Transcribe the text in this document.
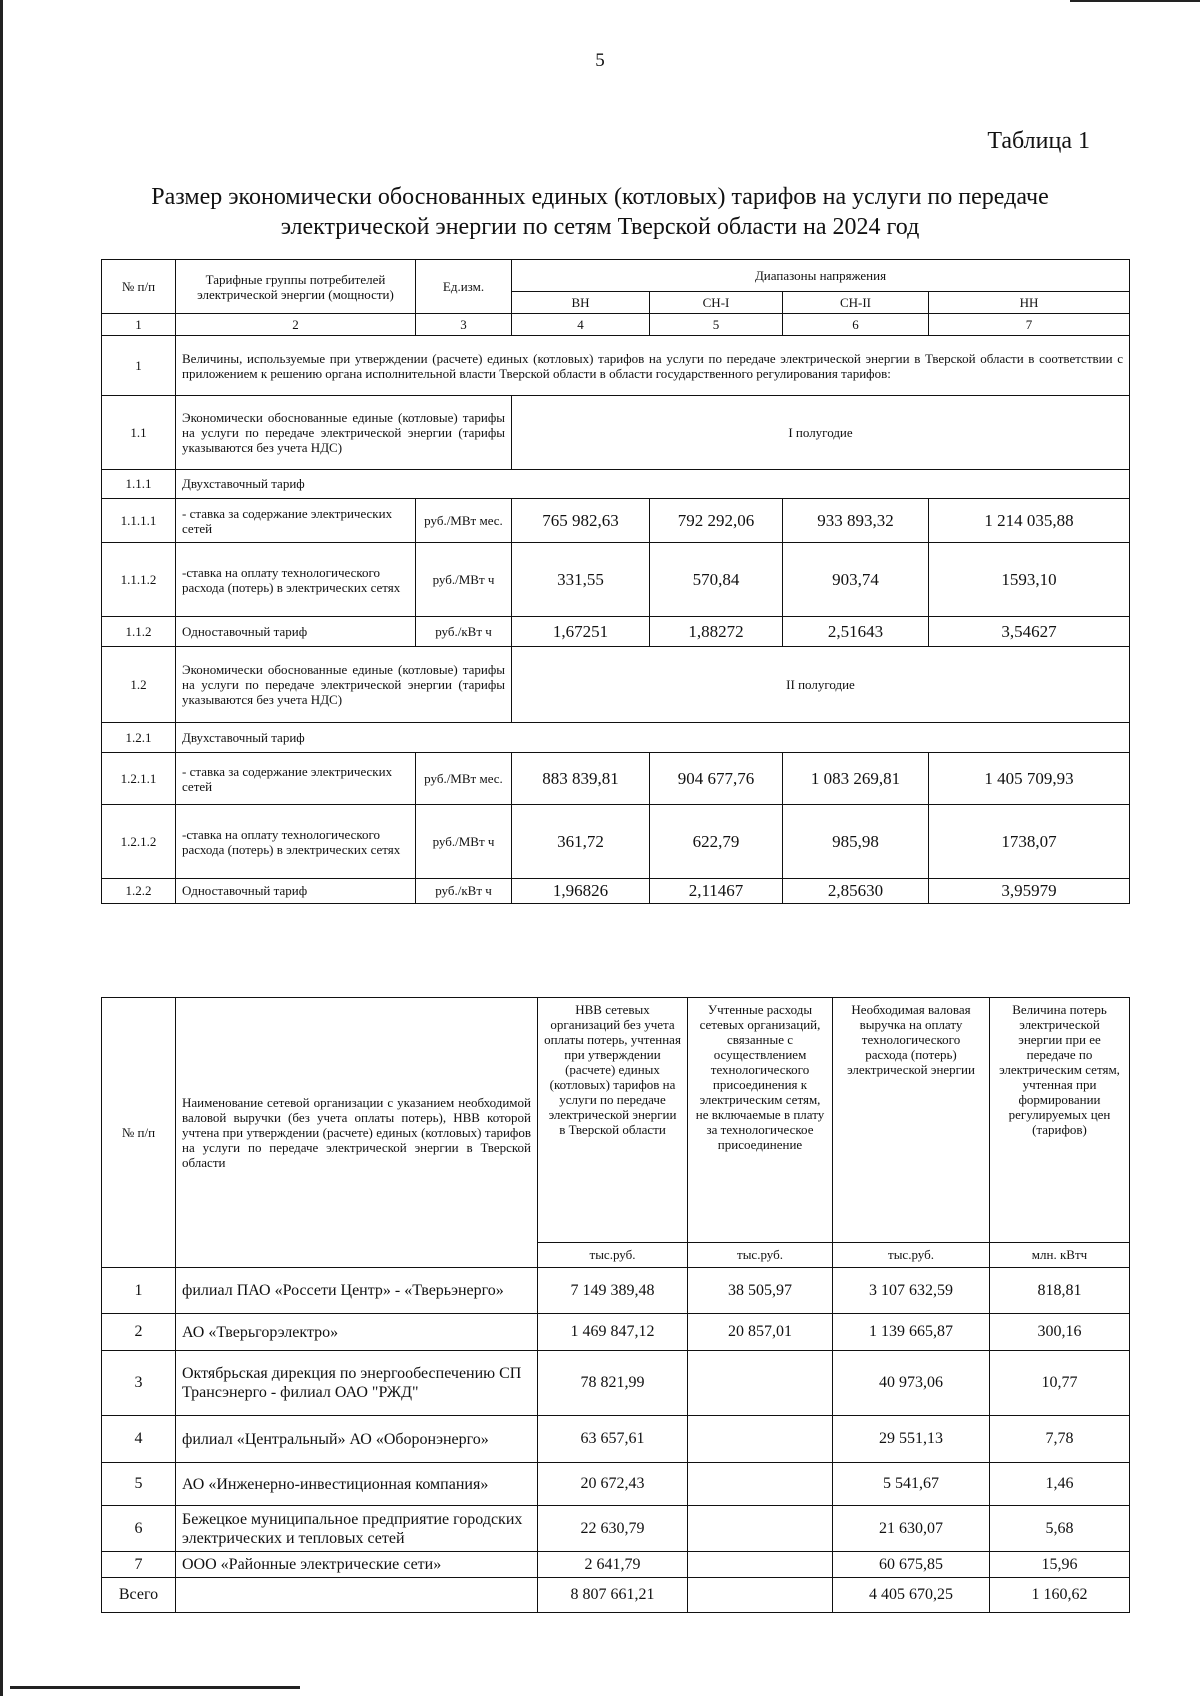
5
Таблица 1
Размер экономически обоснованных единых (котловых) тарифов на услуги по передаче
электрической энергии по сетям Тверской области на 2024 год
№ п/п	Тарифные группы потребителей электрической энергии (мощности)	Ед.изм.	Диапазоны напряжения			
			ВН	СН-I	СН-II	НН
1	2	3	4	5	6	7
1	Величины, используемые при утверждении (расчете) единых (котловых) тарифов на услуги по передаче электрической энергии в Тверской области в соответствии с приложением к решению органа исполнительной власти Тверской области в области государственного регулирования тарифов:					
1.1	Экономически обоснованные единые (котловые) тарифы на услуги по передаче электрической энергии (тарифы указываются без учета НДС)		I полугодие			
1.1.1	Двухставочный тариф					
1.1.1.1	- ставка за содержание электрических сетей	руб./МВт мес.	765 982,63	792 292,06	933 893,32	1 214 035,88
1.1.1.2	-ставка на оплату технологического расхода (потерь) в электрических сетях	руб./МВт ч	331,55	570,84	903,74	1593,10
1.1.2	Одноставочный тариф	руб./кВт ч	1,67251	1,88272	2,51643	3,54627
1.2	Экономически обоснованные единые (котловые) тарифы на услуги по передаче электрической энергии (тарифы указываются без учета НДС)		II полугодие			
1.2.1	Двухставочный тариф					
1.2.1.1	- ставка за содержание электрических сетей	руб./МВт мес.	883 839,81	904 677,76	1 083 269,81	1 405 709,93
1.2.1.2	-ставка на оплату технологического расхода (потерь) в электрических сетях	руб./МВт ч	361,72	622,79	985,98	1738,07
1.2.2	Одноставочный тариф	руб./кВт ч	1,96826	2,11467	2,85630	3,95979
№ п/п	Наименование сетевой организации с указанием необходимой валовой выручки (без учета оплаты потерь), НВВ которой учтена при утверждении (расчете) единых (котловых) тарифов на услуги по передаче электрической энергии в Тверской области	НВВ сетевых организаций без учета оплаты потерь, учтенная при утверждении (расчете) единых (котловых) тарифов на услуги по передаче электрической энергии в Тверской области	Учтенные расходы сетевых организаций, связанные с осуществлением технологического присоединения к электрическим сетям, не включаемые в плату за технологическое присоединение	Необходимая валовая выручка на оплату технологического расхода (потерь) электрической энергии	Величина потерь электрической энергии при ее передаче по электрическим сетям, учтенная при формировании регулируемых цен (тарифов)
		тыс.руб.	тыс.руб.	тыс.руб.	млн. кВтч
1	филиал ПАО «Россети Центр» - «Тверьэнерго»	7 149 389,48	38 505,97	3 107 632,59	818,81
2	АО «Тверьгорэлектро»	1 469 847,12	20 857,01	1 139 665,87	300,16
3	Октябрьская дирекция по энергообеспечению СП Трансэнерго - филиал ОАО "РЖД"	78 821,99		40 973,06	10,77
4	филиал «Центральный» АО «Оборонэнерго»	63 657,61		29 551,13	7,78
5	АО «Инженерно-инвестиционная компания»	20 672,43		5 541,67	1,46
6	Бежецкое муниципальное предприятие городских электрических и тепловых сетей	22 630,79		21 630,07	5,68
7	ООО «Районные электрические сети»	2 641,79		60 675,85	15,96
Всего		8 807 661,21		4 405 670,25	1 160,62
